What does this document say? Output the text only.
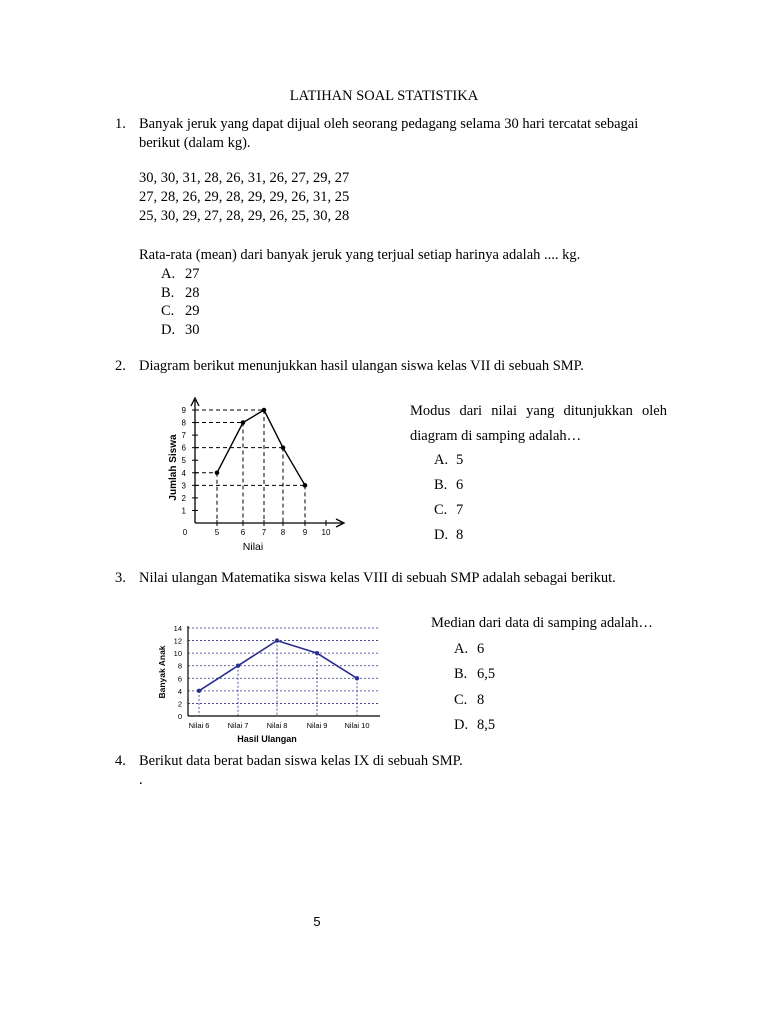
LATIHAN SOAL STATISTIKA
1. Banyak jeruk yang dapat dijual oleh seorang pedagang selama 30 hari tercatat sebagai
berikut (dalam kg).
30, 30, 31, 28, 26, 31, 26, 27, 29, 27
27, 28, 26, 29, 28, 29, 29, 26, 31, 25
25, 30, 29, 27, 28, 29, 26, 25, 30, 28
Rata-rata (mean) dari banyak jeruk yang terjual setiap harinya adalah .... kg.
A. 27
B. 28
C. 29
D. 30
2. Diagram berikut menunjukkan hasil ulangan siswa kelas VII di sebuah SMP.
1
2
3
4
5
6
7
8
9
0	5	6 7 8 9 10
Nilai
Jumlah Siswa
Modus dari nilai yang ditunjukkan oleh
diagram di samping adalah…
A. 5
B. 6
C. 7
D. 8
3. Nilai ulangan Matematika siswa kelas VIII di sebuah SMP adalah sebagai berikut.
0
2
4
6
8
10
12
14
Nilai 6 Nilai 7 Nilai 8	Nilai 9 Nilai 10
Hasil Ulangan
Banyak Anak
Median dari data di samping adalah…
A. 6
B. 6,5
C. 8
D. 8,5
4. Berikut data berat badan siswa kelas IX di sebuah SMP.
.
5
